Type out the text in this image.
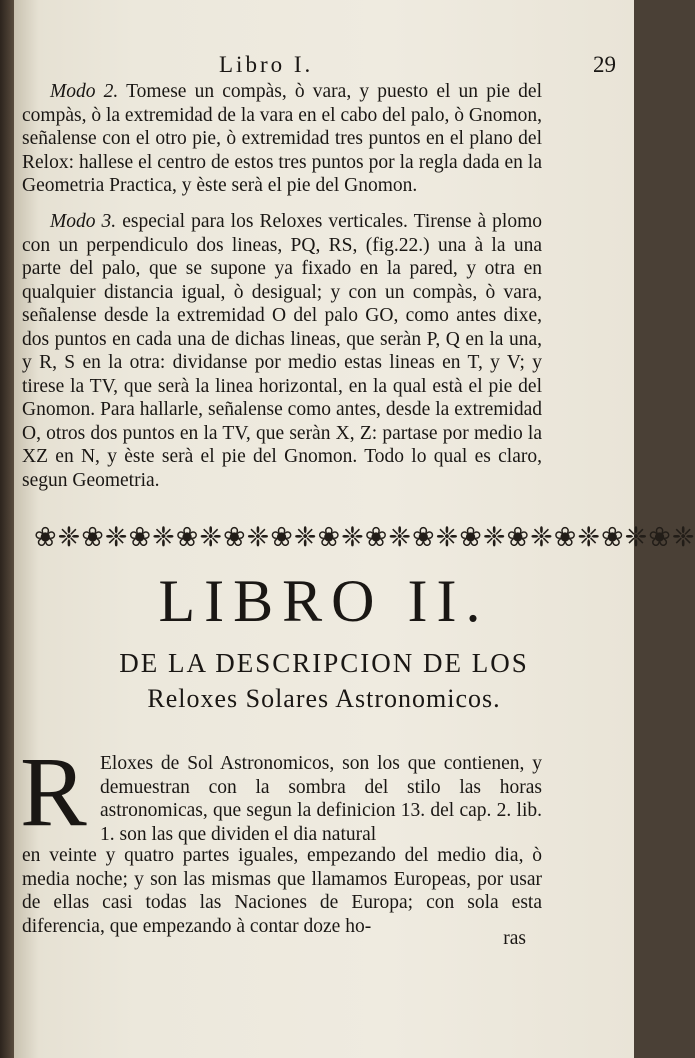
Libro I.	29

Modo 2. Tomese un compàs, ò vara, y puesto el un pie del compàs, ò la extremidad de la vara en el cabo del palo, ò Gnomon, señalense con el otro pie, ò extremidad tres puntos en el plano del Relox: hallese el centro de estos tres puntos por la regla dada en la Geometria Practica, y èste serà el pie del Gnomon.

Modo 3. especial para los Reloxes verticales. Tirense à plomo con un perpendiculo dos lineas, PQ, RS, (fig.22.) una à la una parte del palo, que se supone ya fixado en la pared, y otra en qualquier distancia igual, ò desigual; y con un compàs, ò vara, señalense desde la extremidad O del palo GO, como antes dixe, dos puntos en cada una de dichas lineas, que seràn P, Q en la una, y R, S en la otra: dividanse por medio estas lineas en T, y V; y tirese la TV, que serà la linea horizontal, en la qual està el pie del Gnomon. Para hallarle, señalense como antes, desde la extremidad O, otros dos puntos en la TV, que seràn X, Z: partase por medio la XZ en N, y èste serà el pie del Gnomon. Todo lo qual es claro, segun Geometria.

❀❈❀❈❀❈❀❈❀❈❀❈❀❈❀❈❀❈❀❈❀❈❀❈❀❈❀❈
LIBRO II.
DE LA DESCRIPCION DE LOS
Reloxes Solares Astronomicos.
R Eloxes de Sol Astronomicos, son los que contienen, y demuestran con la sombra del stilo las horas astronomicas, que segun la definicion 13. del cap. 2. lib. 1. son las que dividen el dia natural
en veinte y quatro partes iguales, empezando del medio dia, ò media noche; y son las mismas que llamamos Europeas, por usar de ellas casi todas las Naciones de Europa; con sola esta diferencia, que empezando à contar doze ho-
ras
